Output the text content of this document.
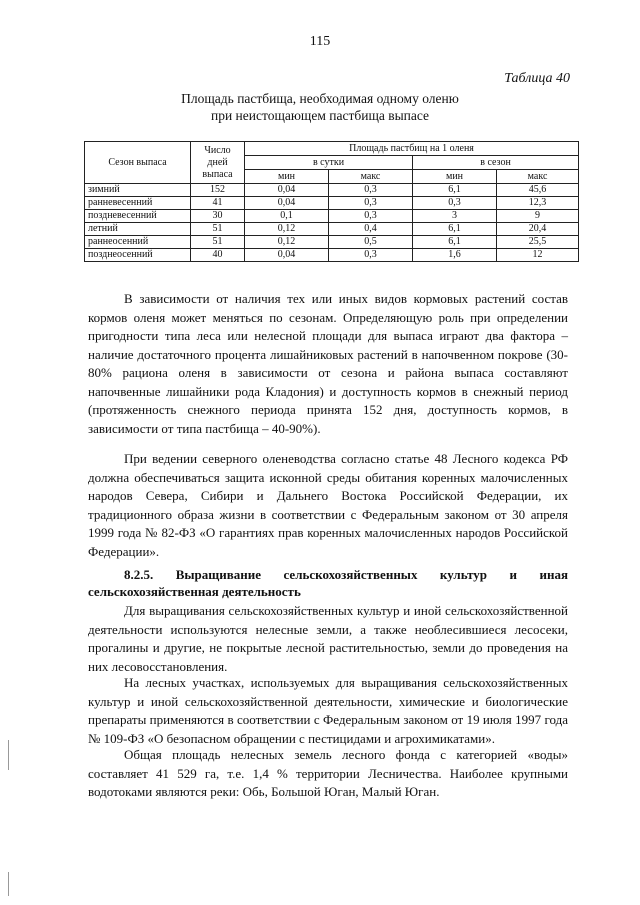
115
Таблица 40
Площадь пастбища, необходимая одному оленю
при неистощающем пастбища выпасе
Сезон выпаса	Число дней выпаса	Площадь пастбищ на 1 оленя			
		в сутки		в сезон	
		мин	макс	мин	макс
зимний	152	0,04	0,3	6,1	45,6
ранневесенний	41	0,04	0,3	0,3	12,3
поздневесенний	30	0,1	0,3	3	9
летний	51	0,12	0,4	6,1	20,4
раннеосенний	51	0,12	0,5	6,1	25,5
позднеосенний	40	0,04	0,3	1,6	12

В зависимости от наличия тех или иных видов кормовых растений состав кормов оленя может меняться по сезонам. Определяющую роль при определении пригодности типа леса или нелесной площади для выпаса играют два фактора – наличие достаточного процента лишайниковых растений в напочвенном покрове (30-80% рациона оленя в зависимости от сезона и района выпаса составляют напочвенные лишайники рода Кладония) и доступность кормов в снежный период (протяженность снежного периода принята 152 дня, доступность кормов, в зависимости от типа пастбища – 40-90%).

При ведении северного оленеводства согласно статье 48 Лесного кодекса РФ должна обеспечиваться защита исконной среды обитания коренных малочисленных народов Севера, Сибири и Дальнего Востока Российской Федерации, их традиционного образа жизни в соответствии с Федеральным законом от 30 апреля 1999 года № 82-ФЗ «О гарантиях прав коренных малочисленных народов Российской Федерации».

8.2.5. Выращивание сельскохозяйственных культур и иная сельскохозяйственная деятельность

Для выращивания сельскохозяйственных культур и иной сельскохозяйственной деятельности используются нелесные земли, а также необлесившиеся лесосеки, прогалины и другие, не покрытые лесной растительностью, земли до проведения на них лесовосстановления.

На лесных участках, используемых для выращивания сельскохозяйственных культур и иной сельскохозяйственной деятельности, химические и биологические препараты применяются в соответствии с Федеральным законом от 19 июля 1997 года № 109-ФЗ «О безопасном обращении с пестицидами и агрохимикатами».

Общая площадь нелесных земель лесного фонда с категорией «воды» составляет 41 529 га, т.е. 1,4 % территории Лесничества. Наиболее крупными водотоками являются реки: Обь, Большой Юган, Малый Юган.
